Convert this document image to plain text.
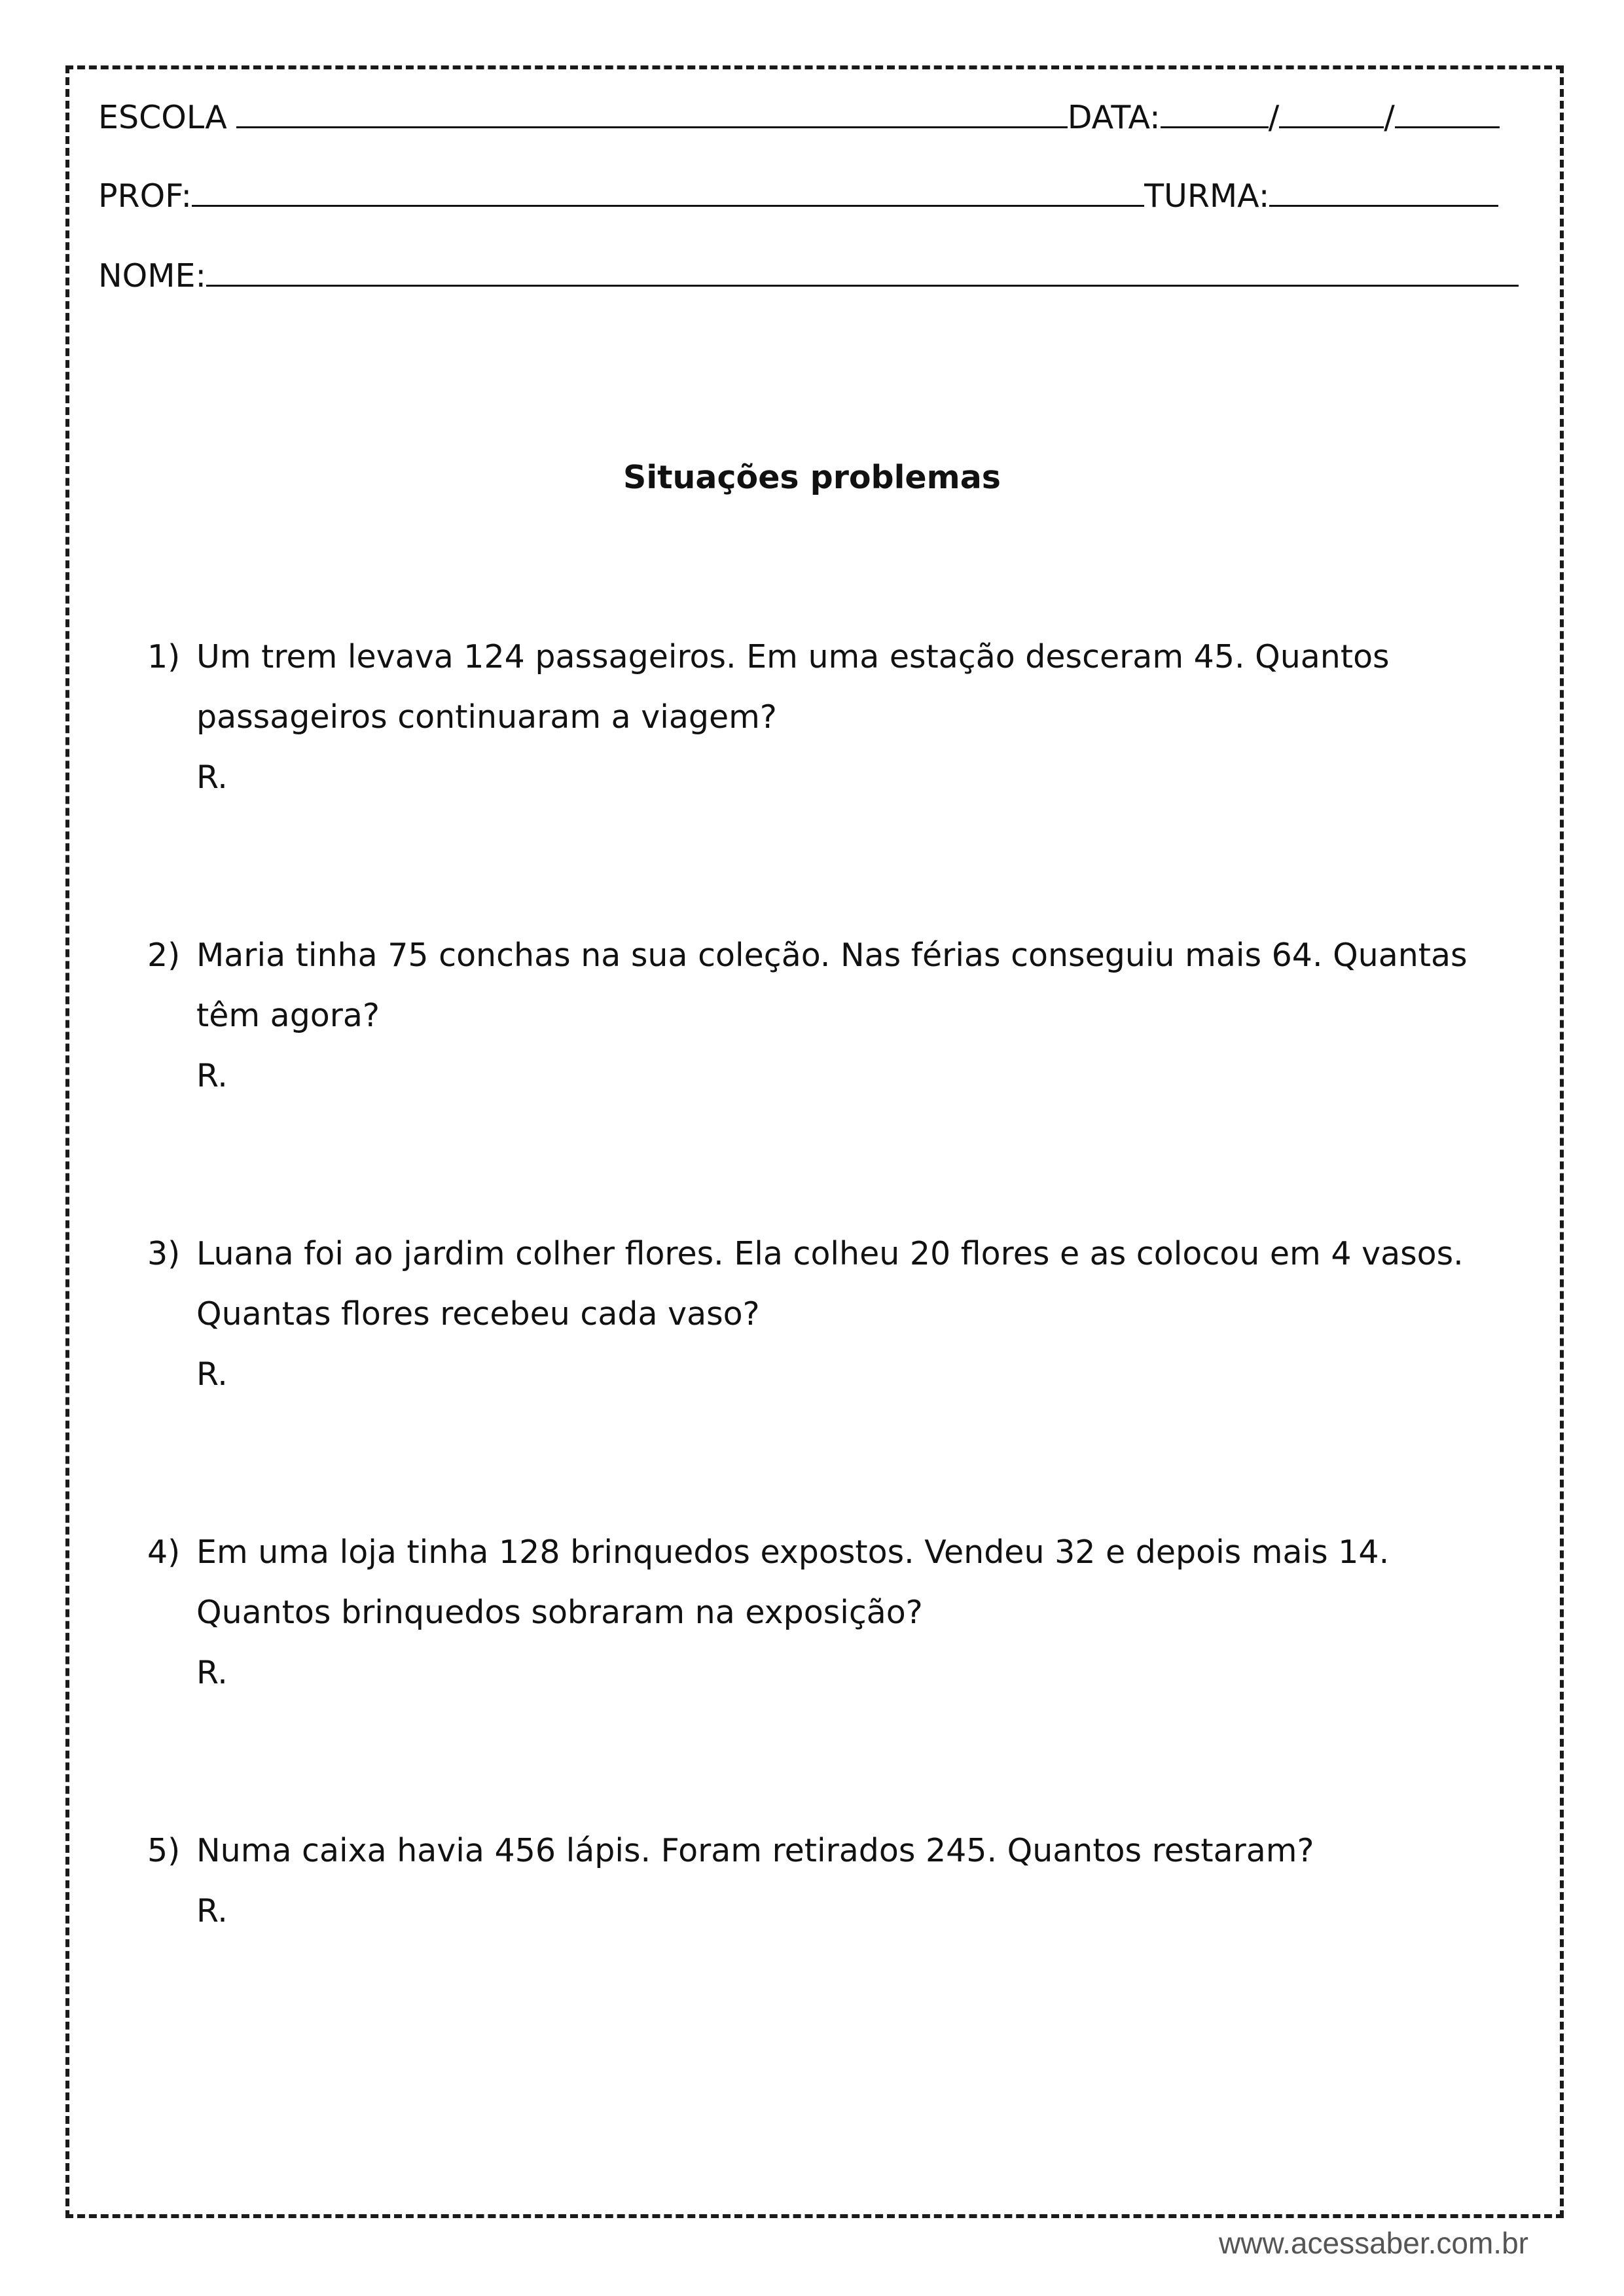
ESCOLA	DATA:	/	/
PROF:	TURMA:
NOME:
Situações problemas
1) Um trem levava 124 passageiros. Em uma estação desceram 45. Quantos passageiros continuaram a viagem?
R.
2) Maria tinha 75 conchas na sua coleção. Nas férias conseguiu mais 64. Quantas têm agora?
R.
3) Luana foi ao jardim colher flores. Ela colheu 20 flores e as colocou em 4 vasos. Quantas flores recebeu cada vaso?
R.
4) Em uma loja tinha 128 brinquedos expostos. Vendeu 32 e depois mais 14. Quantos brinquedos sobraram na exposição?
R.
5) Numa caixa havia 456 lápis. Foram retirados 245. Quantos restaram?
R.
www.acessaber.com.br
